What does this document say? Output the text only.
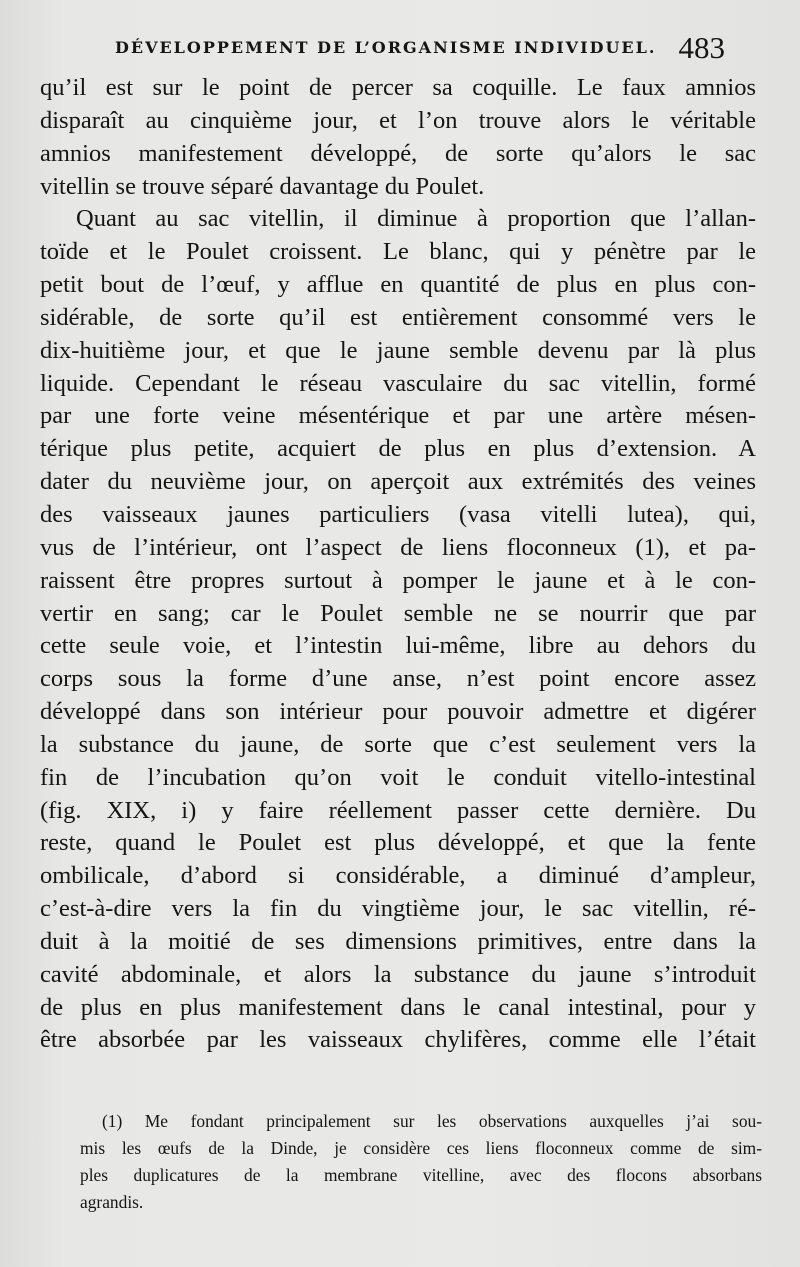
DÉVELOPPEMENT DE L’ORGANISME INDIVIDUEL. 483
qu’il est sur le point de percer sa coquille. Le faux amnios
disparaît au cinquième jour, et l’on trouve alors le véritable
amnios manifestement développé, de sorte qu’alors le sac
vitellin se trouve séparé davantage du Poulet.
Quant au sac vitellin, il diminue à proportion que l’allan-
toïde et le Poulet croissent. Le blanc, qui y pénètre par le
petit bout de l’œuf, y afflue en quantité de plus en plus con-
sidérable, de sorte qu’il est entièrement consommé vers le
dix-huitième jour, et que le jaune semble devenu par là plus
liquide. Cependant le réseau vasculaire du sac vitellin, formé
par une forte veine mésentérique et par une artère mésen-
térique plus petite, acquiert de plus en plus d’extension. A
dater du neuvième jour, on aperçoit aux extrémités des veines
des vaisseaux jaunes particuliers (vasa vitelli lutea), qui,
vus de l’intérieur, ont l’aspect de liens floconneux (1), et pa-
raissent être propres surtout à pomper le jaune et à le con-
vertir en sang; car le Poulet semble ne se nourrir que par
cette seule voie, et l’intestin lui-même, libre au dehors du
corps sous la forme d’une anse, n’est point encore assez
développé dans son intérieur pour pouvoir admettre et digérer
la substance du jaune, de sorte que c’est seulement vers la
fin de l’incubation qu’on voit le conduit vitello-intestinal
(fig. XIX, i) y faire réellement passer cette dernière. Du
reste, quand le Poulet est plus développé, et que la fente
ombilicale, d’abord si considérable, a diminué d’ampleur,
c’est-à-dire vers la fin du vingtième jour, le sac vitellin, ré-
duit à la moitié de ses dimensions primitives, entre dans la
cavité abdominale, et alors la substance du jaune s’introduit
de plus en plus manifestement dans le canal intestinal, pour y
être absorbée par les vaisseaux chylifères, comme elle l’était
(1) Me fondant principalement sur les observations auxquelles j’ai sou-
mis les œufs de la Dinde, je considère ces liens floconneux comme de sim-
ples duplicatures de la membrane vitelline, avec des flocons absorbans
agrandis.
